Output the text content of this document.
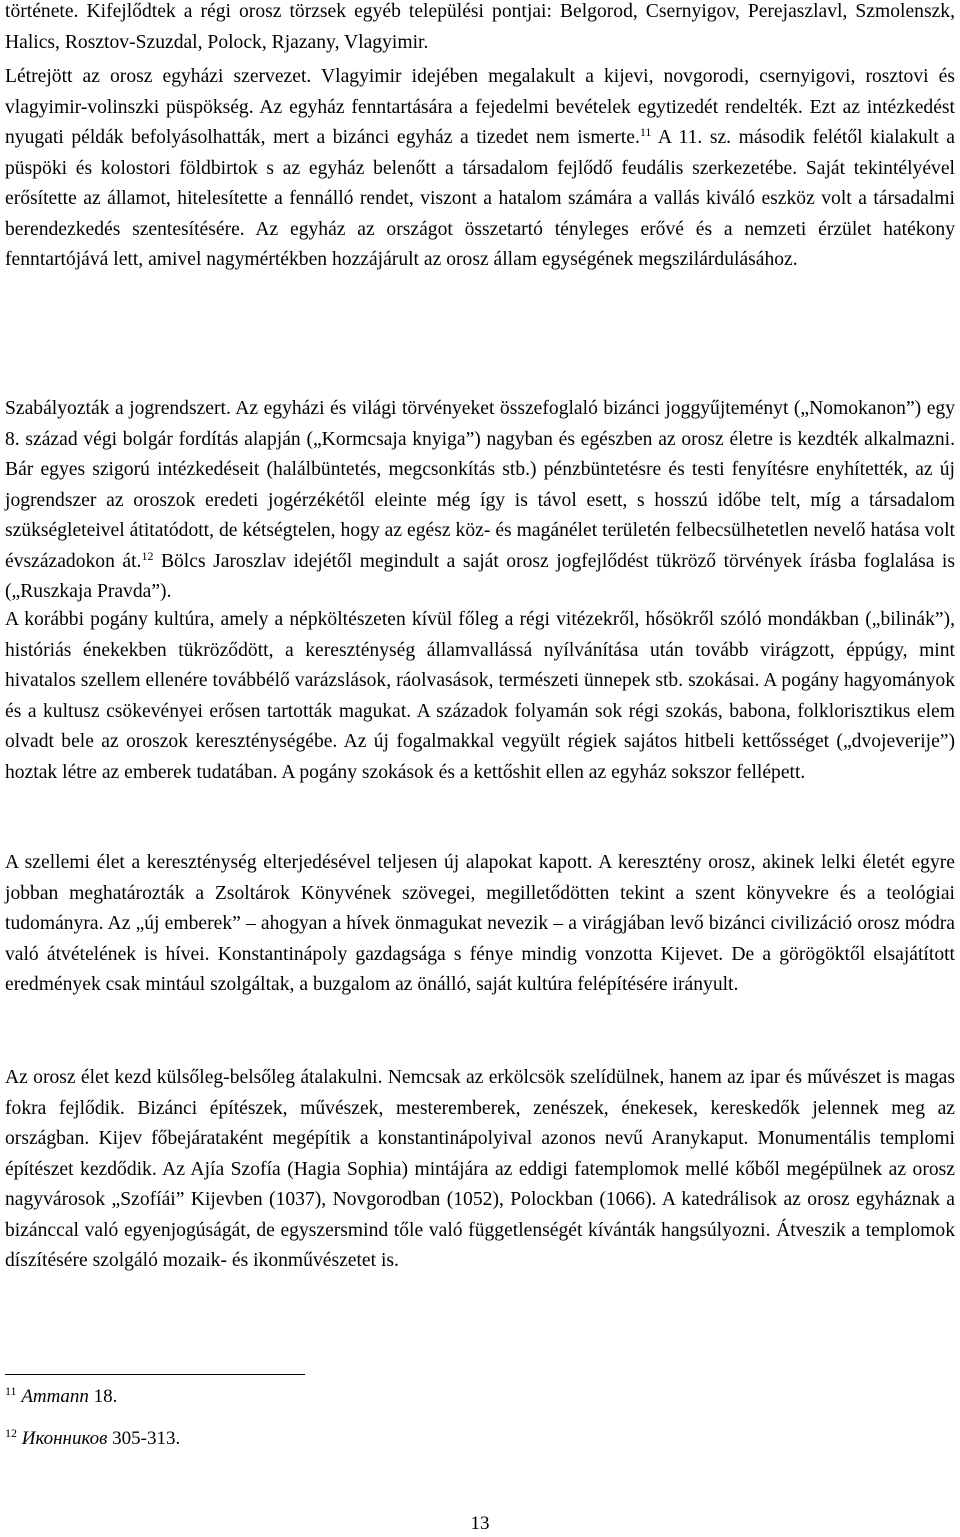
története. Kifejlődtek a régi orosz törzsek egyéb települési pontjai: Belgorod, Csernyigov, Perejaszlavl, Szmolenszk, Halics, Rosztov-Szuzdal, Polock, Rjazany, Vlagyimir.

Létrejött az orosz egyházi szervezet. Vlagyimir idejében megalakult a kijevi, novgorodi, csernyigovi, rosztovi és vlagyimir-volinszki püspökség. Az egyház fenntartására a fejedelmi bevételek egytizedét rendelték. Ezt az intézkedést nyugati példák befolyásolhatták, mert a bizánci egyház a tizedet nem ismerte.$^{11}$ A 11. sz. második felétől kialakult a püspöki és kolostori földbirtok s az egyház belenőtt a társadalom fejlődő feudális szerkezetébe. Saját tekintélyével erősítette az államot, hitelesítette a fennálló rendet, viszont a hatalom számára a vallás kiváló eszköz volt a társadalmi berendezkedés szentesítésére. Az egyház az országot összetartó tényleges erővé és a nemzeti érzület hatékony fenntartójává lett, amivel nagymértékben hozzájárult az orosz állam egységének megszilárdulásához.

Szabályozták a jogrendszert. Az egyházi és világi törvényeket összefoglaló bizánci joggyűjteményt („Nomokanon”) egy 8. század végi bolgár fordítás alapján („Kormcsaja knyiga”) nagyban és egészben az orosz életre is kezdték alkalmazni. Bár egyes szigorú intézkedéseit (halálbüntetés, megcsonkítás stb.) pénzbüntetésre és testi fenyítésre enyhítették, az új jogrendszer az oroszok eredeti jogérzékétől eleinte még így is távol esett, s hosszú időbe telt, míg a társadalom szükségleteivel átitatódott, de kétségtelen, hogy az egész köz- és magánélet területén felbecsülhetetlen nevelő hatása volt évszázadokon át.$^{12}$ Bölcs Jaroszlav idejétől megindult a saját orosz jogfejlődést tükröző törvények írásba foglalása is („Ruszkaja Pravda”).

A korábbi pogány kultúra, amely a népköltészeten kívül főleg a régi vitézekről, hősökről szóló mondákban („bilinák”), históriás énekekben tükröződött, a kereszténység államvallássá nyílvánítása után tovább virágzott, éppúgy, mint hivatalos szellem ellenére továbbélő varázslások, ráolvasások, természeti ünnepek stb. szokásai. A pogány hagyományok és a kultusz csökevényei erősen tartották magukat. A századok folyamán sok régi szokás, babona, folklorisztikus elem olvadt bele az oroszok kereszténységébe. Az új fogalmakkal vegyült régiek sajátos hitbeli kettősséget („dvojeverije”) hoztak létre az emberek tudatában. A pogány szokások és a kettőshit ellen az egyház sokszor fellépett.

A szellemi élet a kereszténység elterjedésével teljesen új alapokat kapott. A keresztény orosz, akinek lelki életét egyre jobban meghatározták a Zsoltárok Könyvének szövegei, megilletődötten tekint a szent könyvekre és a teológiai tudományra. Az „új emberek” – ahogyan a hívek önmagukat nevezik – a virágjában levő bizánci civilizáció orosz módra való átvételének is hívei. Konstantinápoly gazdagsága s fénye mindig vonzotta Kijevet. De a görögöktől elsajátított eredmények csak mintául szolgáltak, a buzgalom az önálló, saját kultúra felépítésére irányult.

Az orosz élet kezd külsőleg-belsőleg átalakulni. Nemcsak az erkölcsök szelídülnek, hanem az ipar és művészet is magas fokra fejlődik. Bizánci építészek, művészek, mesteremberek, zenészek, énekesek, kereskedők jelennek meg az országban. Kijev főbejárataként megépítik a konstantinápolyival azonos nevű Aranykaput. Monumentális templomi építészet kezdődik. Az Ajía Szofía (Hagia Sophia) mintájára az eddigi fatemplomok mellé kőből megépülnek az orosz nagyvárosok „Szofíái” Kijevben (1037), Novgorodban (1052), Polockban (1066). A katedrálisok az orosz egyháznak a bizánccal való egyenjogúságát, de egyszersmind tőle való függetlenségét kívánták hangsúlyozni. Átveszik a templomok díszítésére szolgáló mozaik- és ikonművészetet is.

$^{11}$ Ammann 18.
$^{12}$ Иконников 305-313.
13
